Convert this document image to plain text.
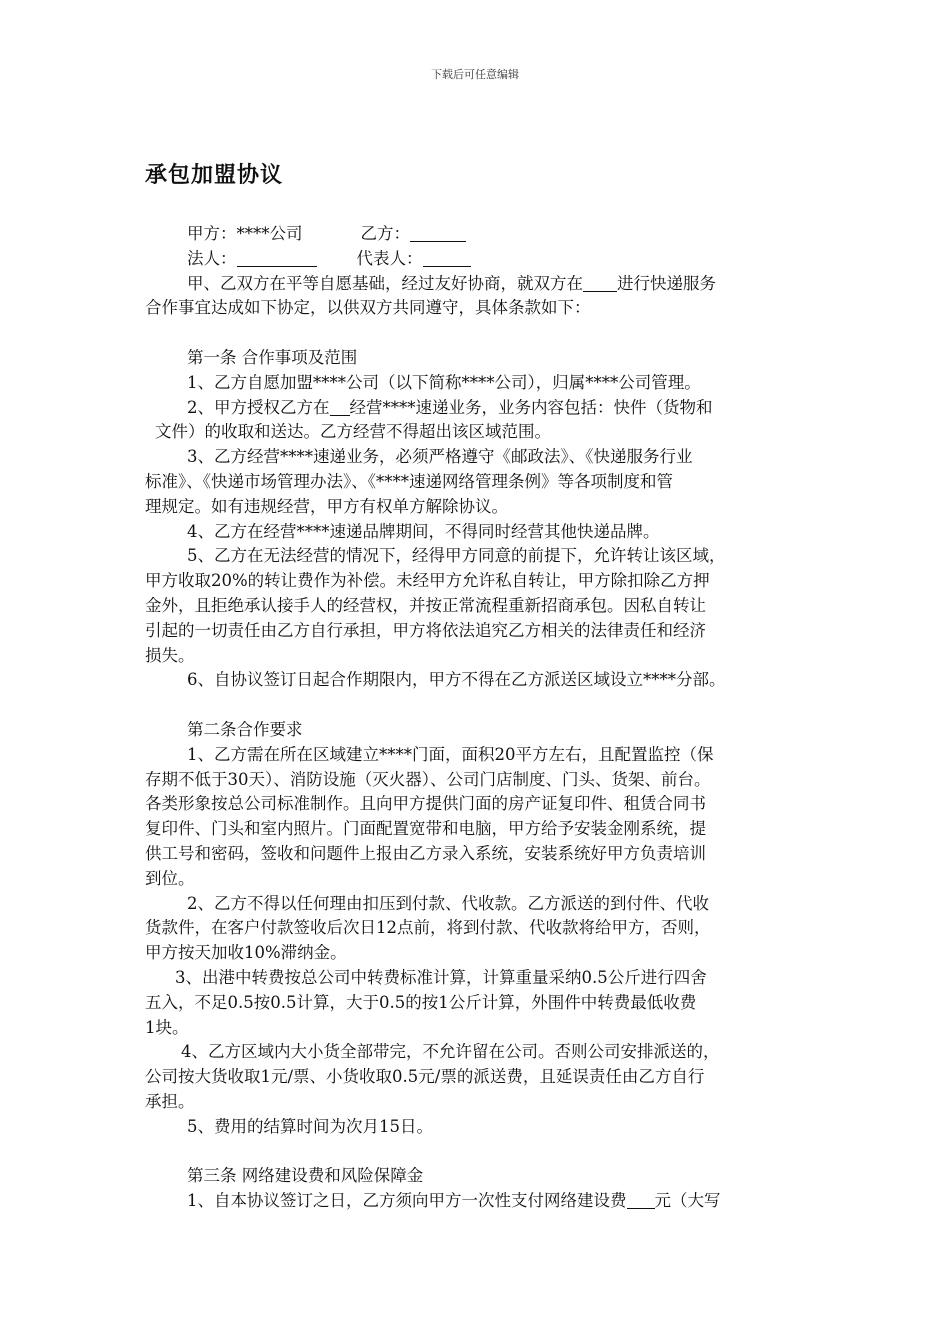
下载后可任意编辑
承包加盟协议
甲方：****公司	乙方：
法人：	代表人：
甲、乙双方在平等自愿基础，经过友好协商，就双方在 进行快递服务
合作事宜达成如下协定，以供双方共同遵守，具体条款如下：
第一条 合作事项及范围
1、乙方自愿加盟****公司（以下简称****公司），归属****公司管理。
2、甲方授权乙方在 经营****速递业务，业务内容包括：快件（货物和
文件）的收取和送达。乙方经营不得超出该区域范围。
3、乙方经营****速递业务，必须严格遵守《邮政法》、《快递服务行业
标准》、《快递市场管理办法》、《****速递网络管理条例》等各项制度和管
理规定。如有违规经营，甲方有权单方解除协议。
4、乙方在经营****速递品牌期间，不得同时经营其他快递品牌。
5、乙方在无法经营的情况下，经得甲方同意的前提下，允许转让该区域，
甲方收取20%的转让费作为补偿。未经甲方允许私自转让，甲方除扣除乙方押
金外，且拒绝承认接手人的经营权，并按正常流程重新招商承包。因私自转让
引起的一切责任由乙方自行承担，甲方将依法追究乙方相关的法律责任和经济
损失。
6、自协议签订日起合作期限内，甲方不得在乙方派送区域设立****分部。
第二条合作要求
1、乙方需在所在区域建立****门面，面积20平方左右，且配置监控（保
存期不低于30天）、消防设施（灭火器）、公司门店制度、门头、货架、前台。
各类形象按总公司标准制作。且向甲方提供门面的房产证复印件、租赁合同书
复印件、门头和室内照片。门面配置宽带和电脑，甲方给予安装金刚系统，提
供工号和密码，签收和问题件上报由乙方录入系统，安装系统好甲方负责培训
到位。
2、乙方不得以任何理由扣压到付款、代收款。乙方派送的到付件、代收
货款件，在客户付款签收后次日12点前，将到付款、代收款将给甲方，否则，
甲方按天加收10%滞纳金。
3、出港中转费按总公司中转费标准计算，计算重量采纳0.5公斤进行四舍
五入，不足0.5按0.5计算，大于0.5的按1公斤计算，外围件中转费最低收费
1块。
4、乙方区域内大小货全部带完，不允许留在公司。否则公司安排派送的，
公司按大货收取1元/票、小货收取0.5元/票的派送费，且延误责任由乙方自行
承担。
5、费用的结算时间为次月15日。
第三条 网络建设费和风险保障金
1、自本协议签订之日，乙方须向甲方一次性支付网络建设费 元（大写
